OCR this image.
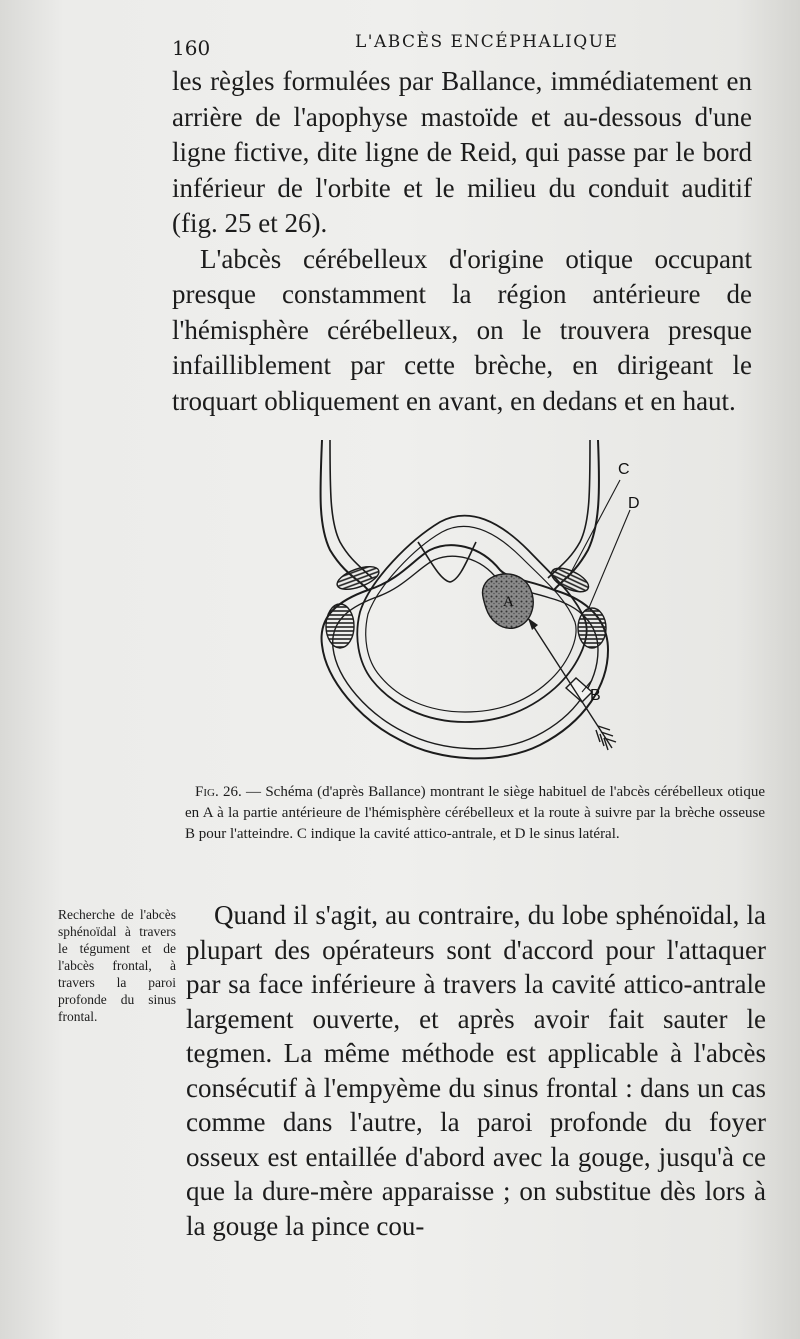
160	L'ABCÈS ENCÉPHALIQUE

les règles formulées par Ballance, immédiatement en arrière de l'apophyse mastoïde et au-dessous d'une ligne fictive, dite ligne de Reid, qui passe par le bord inférieur de l'orbite et le milieu du conduit auditif (fig. 25 et 26).

L'abcès cérébelleux d'origine otique occupant presque constamment la région antérieure de l'hémisphère cérébelleux, on le trouvera presque infailliblement par cette brèche, en dirigeant le troquart obliquement en avant, en dedans et en haut.

A
C
D
B

Fig. 26. — Schéma (d'après Ballance) montrant le siège habituel de l'abcès cérébelleux otique en A à la partie antérieure de l'hémisphère cérébelleux et la route à suivre par la brèche osseuse B pour l'atteindre. C indique la cavité attico-antrale, et D le sinus latéral.

Recherche de l'abcès sphénoïdal à travers le tégument et de l'abcès frontal, à travers la paroi profonde du sinus frontal.

Quand il s'agit, au contraire, du lobe sphénoïdal, la plupart des opérateurs sont d'accord pour l'attaquer par sa face inférieure à travers la cavité attico-antrale largement ouverte, et après avoir fait sauter le tegmen. La même méthode est applicable à l'abcès consécutif à l'empyème du sinus frontal : dans un cas comme dans l'autre, la paroi profonde du foyer osseux est entaillée d'abord avec la gouge, jusqu'à ce que la dure-mère apparaisse ; on substitue dès lors à la gouge la pince cou-
